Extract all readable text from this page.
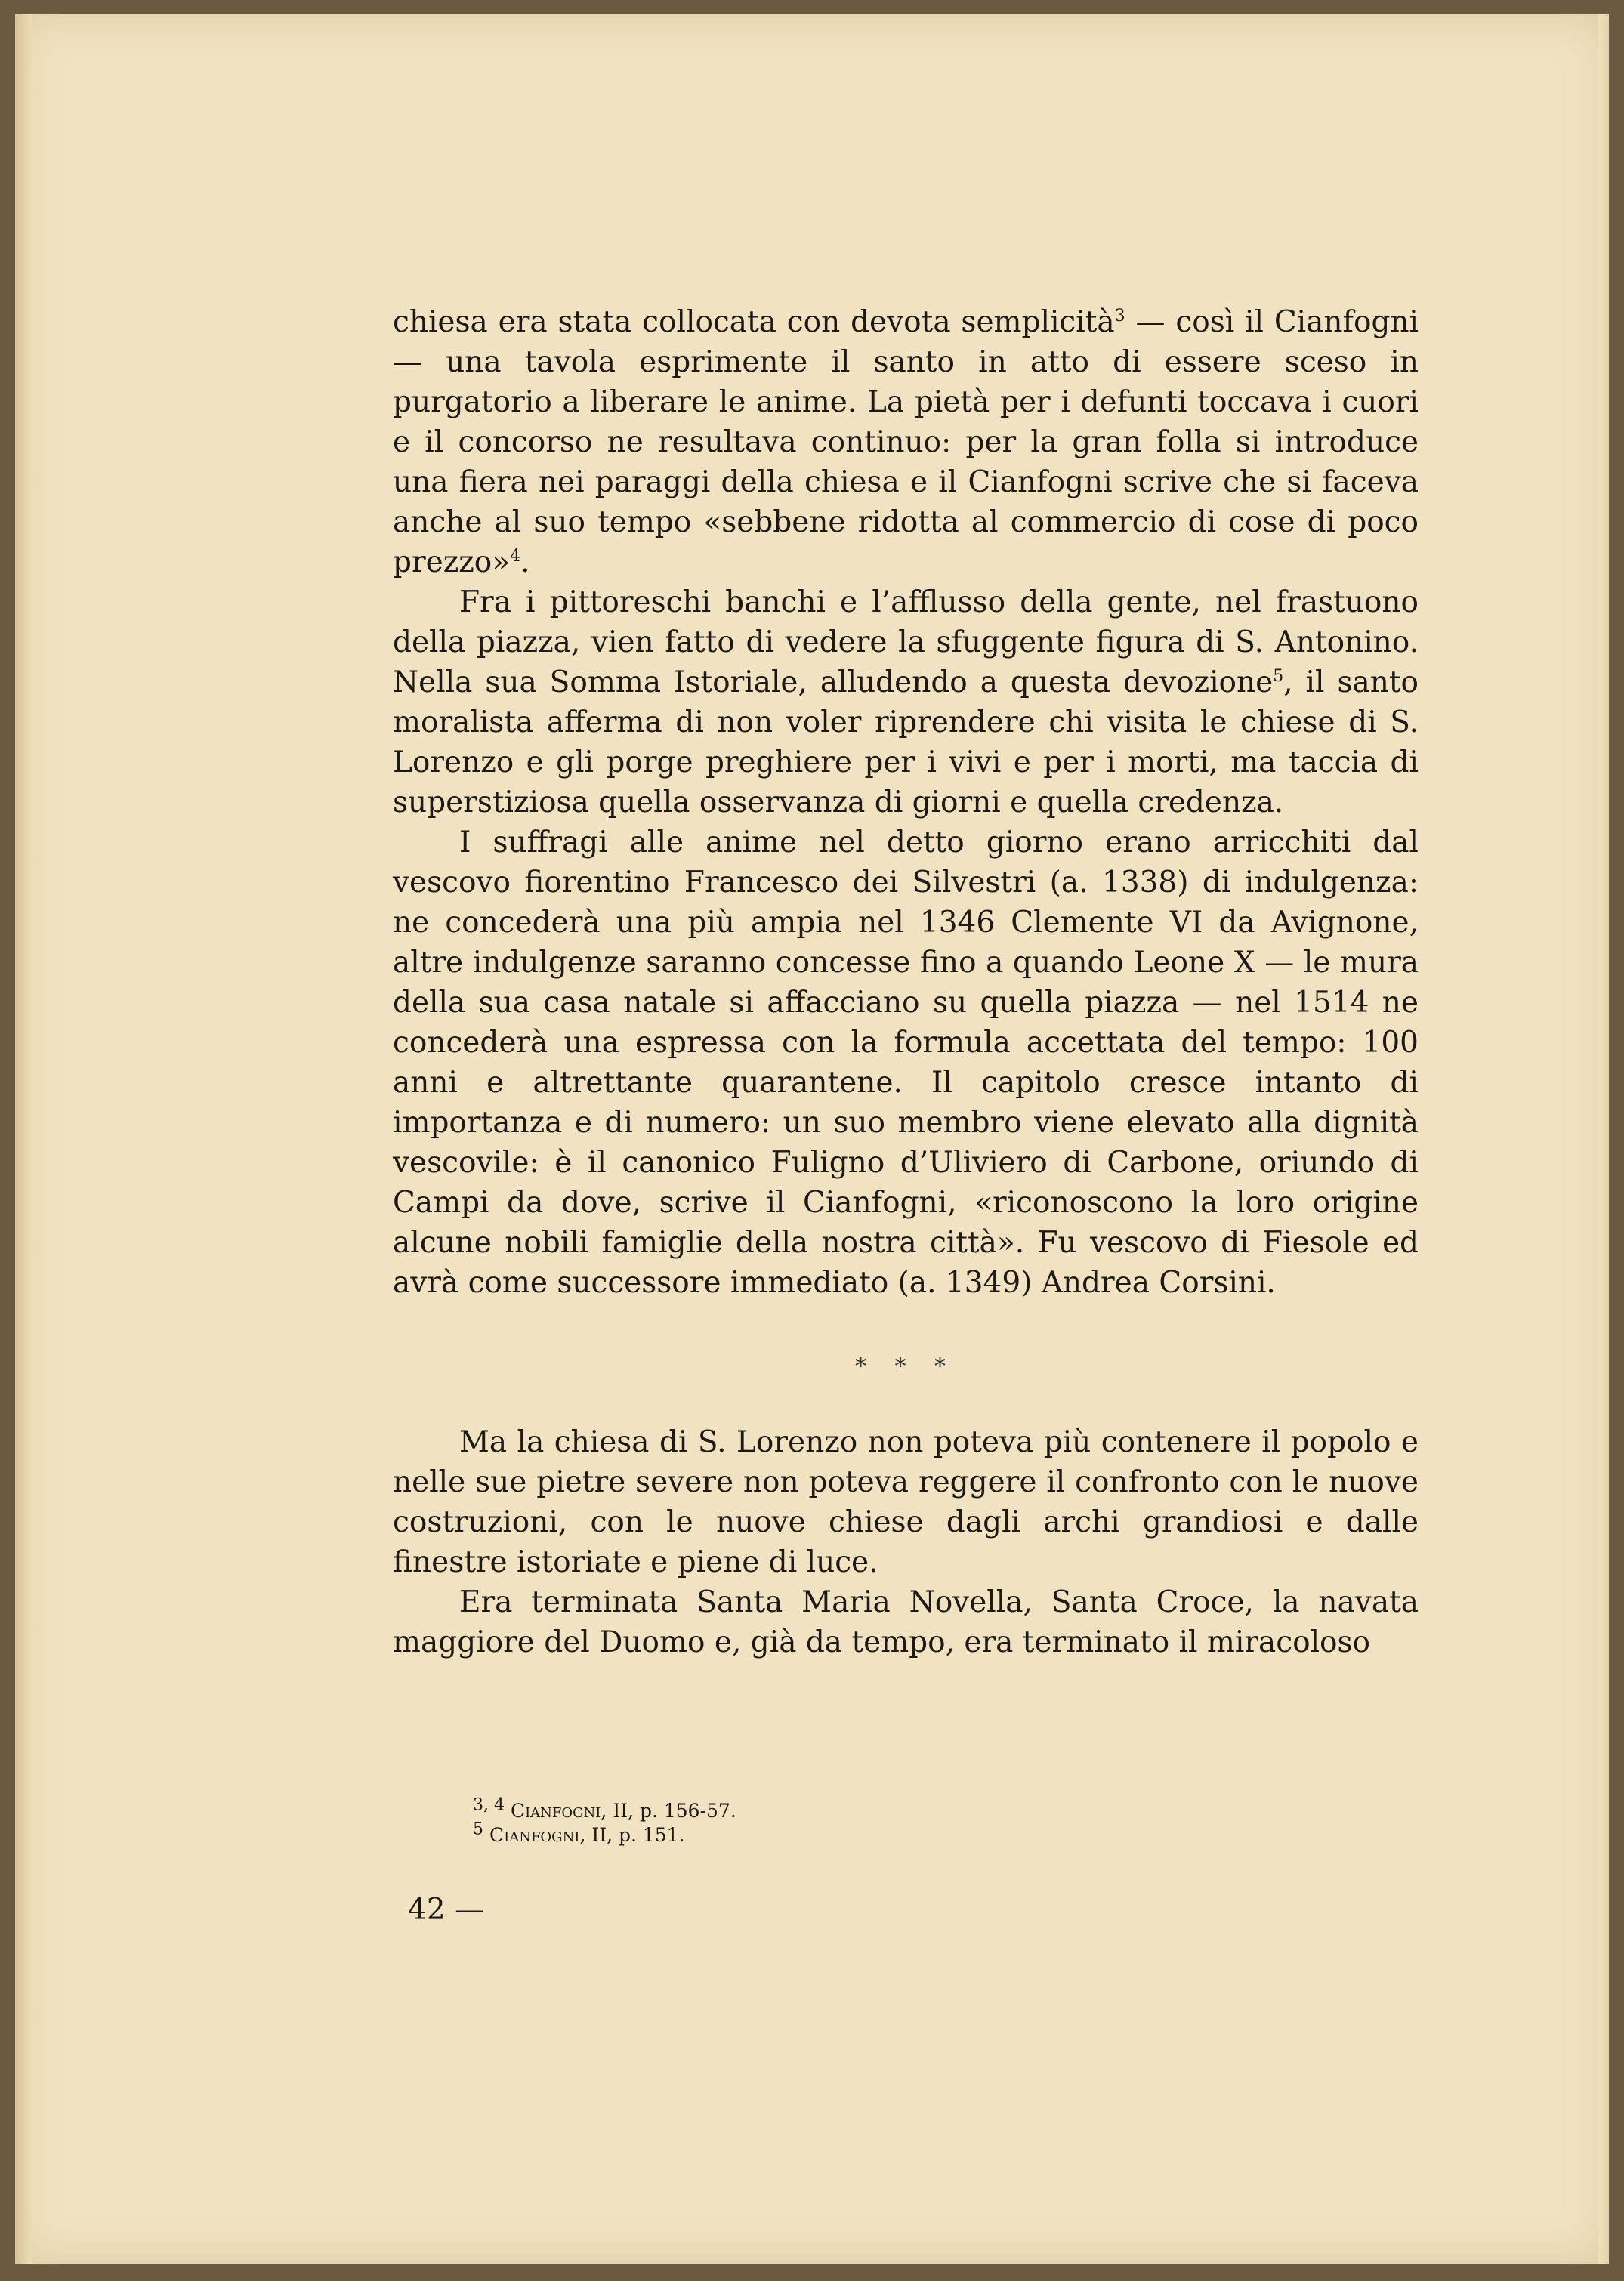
chiesa era stata collocata con devota semplicità$^3$ — così il Cianfogni — una tavola esprimente il santo in atto di essere sceso in purgatorio a liberare le anime. La pietà per i defunti toccava i cuori e il concorso ne resultava continuo: per la gran folla si introduce una fiera nei paraggi della chiesa e il Cianfogni scrive che si faceva anche al suo tempo «sebbene ridotta al commercio di cose di poco prezzo»$^4$.

Fra i pittoreschi banchi e l’afflusso della gente, nel frastuono della piazza, vien fatto di vedere la sfuggente figura di S. Antonino. Nella sua Somma Istoriale, alludendo a questa devozione$^5$, il santo moralista afferma di non voler riprendere chi visita le chiese di S. Lorenzo e gli porge preghiere per i vivi e per i morti, ma taccia di superstiziosa quella osservanza di giorni e quella credenza.

I suffragi alle anime nel detto giorno erano arricchiti dal vescovo fiorentino Francesco dei Silvestri (a. 1338) di indulgenza: ne concederà una più ampia nel 1346 Clemente VI da Avignone, altre indulgenze saranno concesse fino a quando Leone X — le mura della sua casa natale si affacciano su quella piazza — nel 1514 ne concederà una espressa con la formula accettata del tempo: 100 anni e altrettante quarantene. Il capitolo cresce intanto di importanza e di numero: un suo membro viene elevato alla dignità vescovile: è il canonico Fuligno d’Uliviero di Carbone, oriundo di Campi da dove, scrive il Cianfogni, «riconoscono la loro origine alcune nobili famiglie della nostra città». Fu vescovo di Fiesole ed avrà come successore immediato (a. 1349) Andrea Corsini.

* * *

Ma la chiesa di S. Lorenzo non poteva più contenere il popolo e nelle sue pietre severe non poteva reggere il confronto con le nuove costruzioni, con le nuove chiese dagli archi grandiosi e dalle finestre istoriate e piene di luce.

Era terminata Santa Maria Novella, Santa Croce, la navata maggiore del Duomo e, già da tempo, era terminato il miracoloso

$^{3, 4}$ Cianfogni, II, p. 156-57.

$^5$ Cianfogni, II, p. 151.

42 —
